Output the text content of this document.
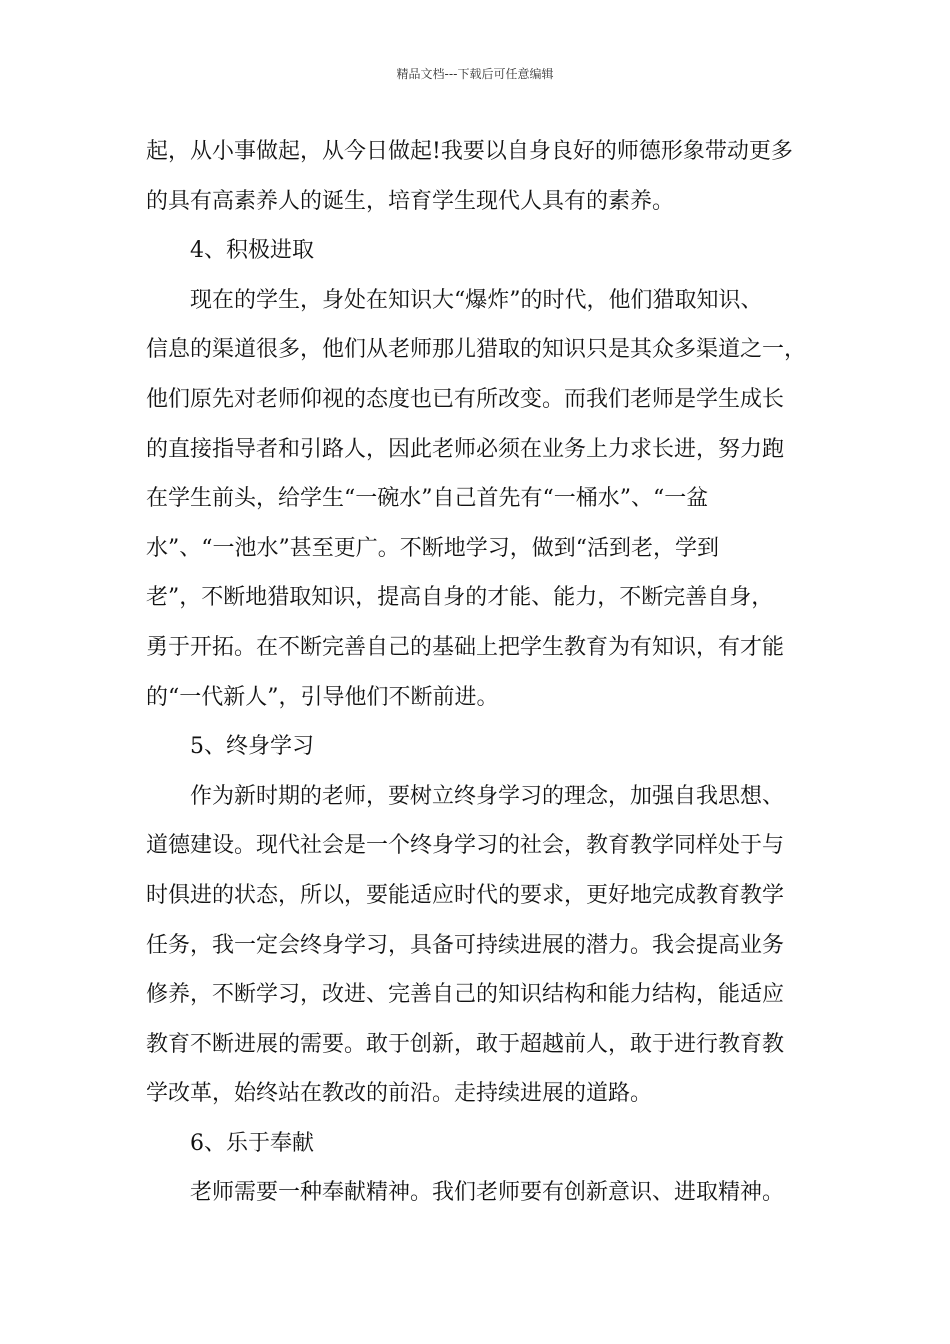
精品文档---下载后可任意编辑
起，从小事做起，从今日做起!我要以自身良好的师德形象带动更多
的具有高素养人的诞生，培育学生现代人具有的素养。
4、积极进取
现在的学生，身处在知识大“爆炸”的时代，他们猎取知识、
信息的渠道很多，他们从老师那儿猎取的知识只是其众多渠道之一，
他们原先对老师仰视的态度也已有所改变。而我们老师是学生成长
的直接指导者和引路人，因此老师必须在业务上力求长进，努力跑
在学生前头，给学生“一碗水”自己首先有“一桶水”、“一盆
水”、“一池水”甚至更广。不断地学习，做到“活到老，学到
老”，不断地猎取知识，提高自身的才能、能力，不断完善自身，
勇于开拓。在不断完善自己的基础上把学生教育为有知识，有才能
的“一代新人”，引导他们不断前进。
5、终身学习
作为新时期的老师，要树立终身学习的理念，加强自我思想、
道德建设。现代社会是一个终身学习的社会，教育教学同样处于与
时俱进的状态，所以，要能适应时代的要求，更好地完成教育教学
任务，我一定会终身学习，具备可持续进展的潜力。我会提高业务
修养，不断学习，改进、完善自己的知识结构和能力结构，能适应
教育不断进展的需要。敢于创新，敢于超越前人，敢于进行教育教
学改革，始终站在教改的前沿。走持续进展的道路。
6、乐于奉献
老师需要一种奉献精神。我们老师要有创新意识、进取精神。
